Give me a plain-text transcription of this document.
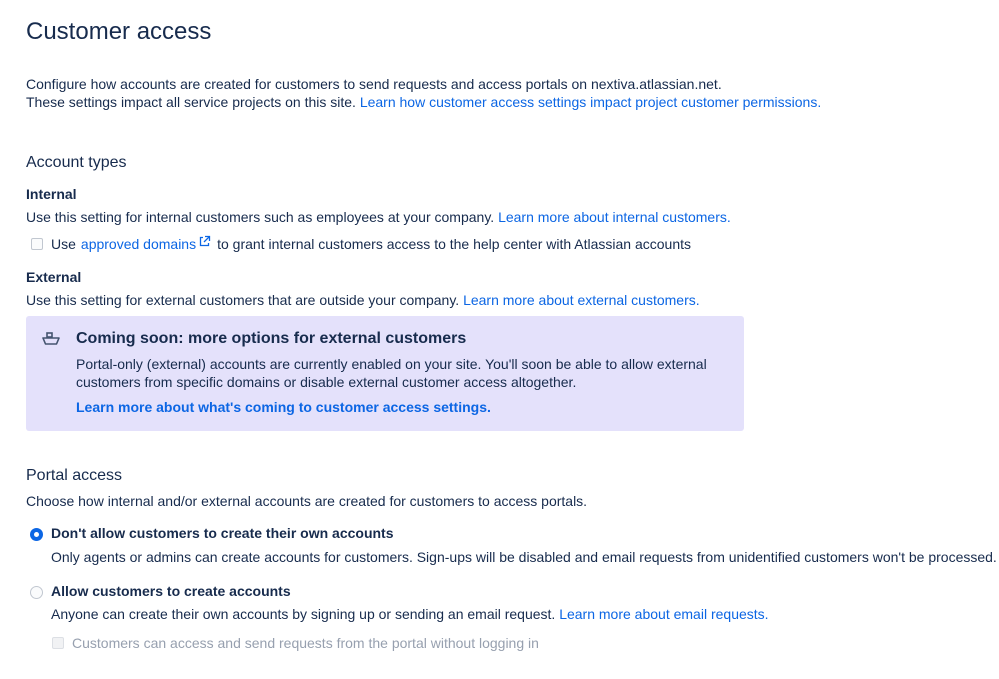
Customer access
Configure how accounts are created for customers to send requests and access portals on nextiva.atlassian.net.
These settings impact all service projects on this site. Learn how customer access settings impact project customer permissions.
Account types
Internal
Use this setting for internal customers such as employees at your company. Learn more about internal customers.
Use approved domains to grant internal customers access to the help center with Atlassian accounts
External
Use this setting for external customers that are outside your company. Learn more about external customers.
Coming soon: more options for external customers
Portal-only (external) accounts are currently enabled on your site. You'll soon be able to allow external
customers from specific domains or disable external customer access altogether.
Learn more about what's coming to customer access settings.
Portal access
Choose how internal and/or external accounts are created for customers to access portals.
Don't allow customers to create their own accounts
Only agents or admins can create accounts for customers. Sign-ups will be disabled and email requests from unidentified customers won't be processed.
Allow customers to create accounts
Anyone can create their own accounts by signing up or sending an email request. Learn more about email requests.
Customers can access and send requests from the portal without logging in
